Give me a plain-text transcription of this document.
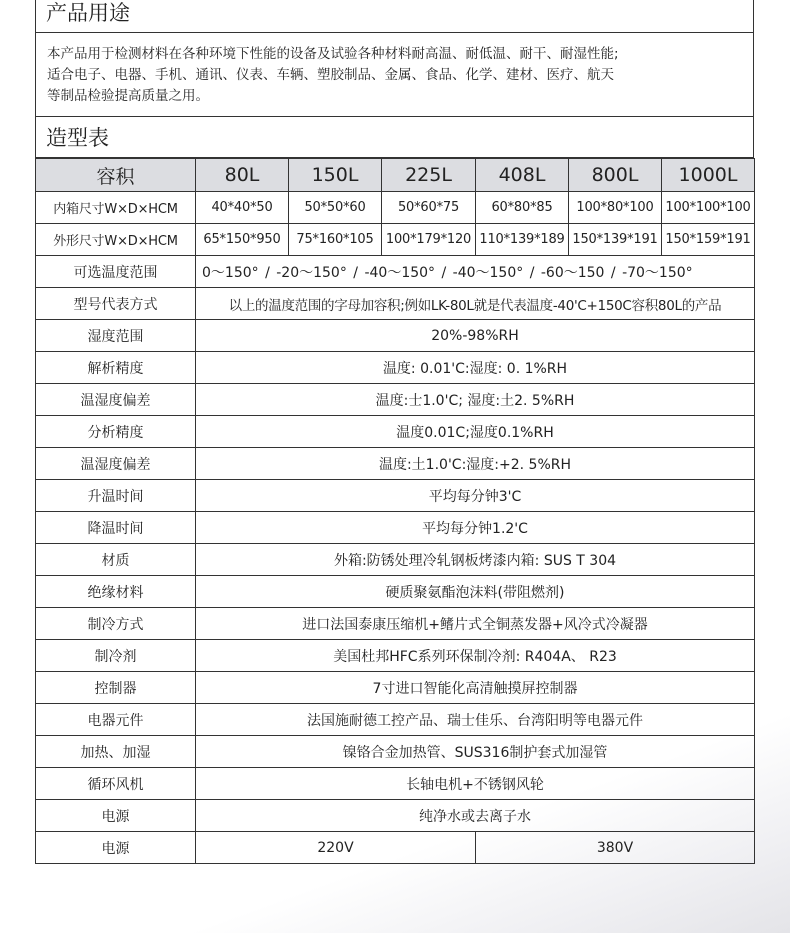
产品用途
本产品用于检测材料在各种环境下性能的设备及试验各种材料耐高温、耐低温、耐干、耐湿性能;
适合电子、电器、手机、通讯、仪表、车辆、塑胶制品、金属、食品、化学、建材、医疗、航天
等制品检验提高质量之用。
造型表
容积	80L	150L	225L	408L	800L	1000L
内箱尺寸W×D×HCM	40*40*50	50*50*60	50*60*75	60*80*85	100*80*100	100*100*100
外形尺寸W×D×HCM	65*150*950	75*160*105	100*179*120	110*139*189	150*139*191	150*159*191
可选温度范围	0～150° / -20～150° / -40～150° / -40～150° / -60～150 / -70～150°					
型号代表方式	以上的温度范围的字母加容积;例如LK-80L就是代表温度-40'C+150C容积80L的产品					
湿度范围	20%-98%RH					
解析精度	温度: 0.01'C:湿度: 0. 1%RH					
温湿度偏差	温度:士1.0'C; 湿度:土2. 5%RH					
分析精度	温度0.01C;湿度0.1%RH					
温湿度偏差	温度:土1.0'C:湿度:+2. 5%RH					
升温时间	平均每分钟3'C					
降温时间	平均每分钟1.2'C					
材质	外箱:防锈处理冷轧钢板烤漆内箱: SUS T 304					
绝缘材料	硬质聚氨酯泡沫料(带阻燃剂)					
制冷方式	进口法国泰康压缩机+鳍片式全铜蒸发器+风冷式冷凝器					
制冷剂	美国杜邦HFC系列环保制冷剂: R404A、 R23					
控制器	7寸进口智能化高清触摸屏控制器					
电器元件	法国施耐德工控产品、瑞士佳乐、台湾阳明等电器元件					
加热、加湿	镍铬合金加热管、SUS316制护套式加湿管					
循环风机	长轴电机+不锈钢风轮					
电源	纯净水或去离子水					
电源	220V			380V		
